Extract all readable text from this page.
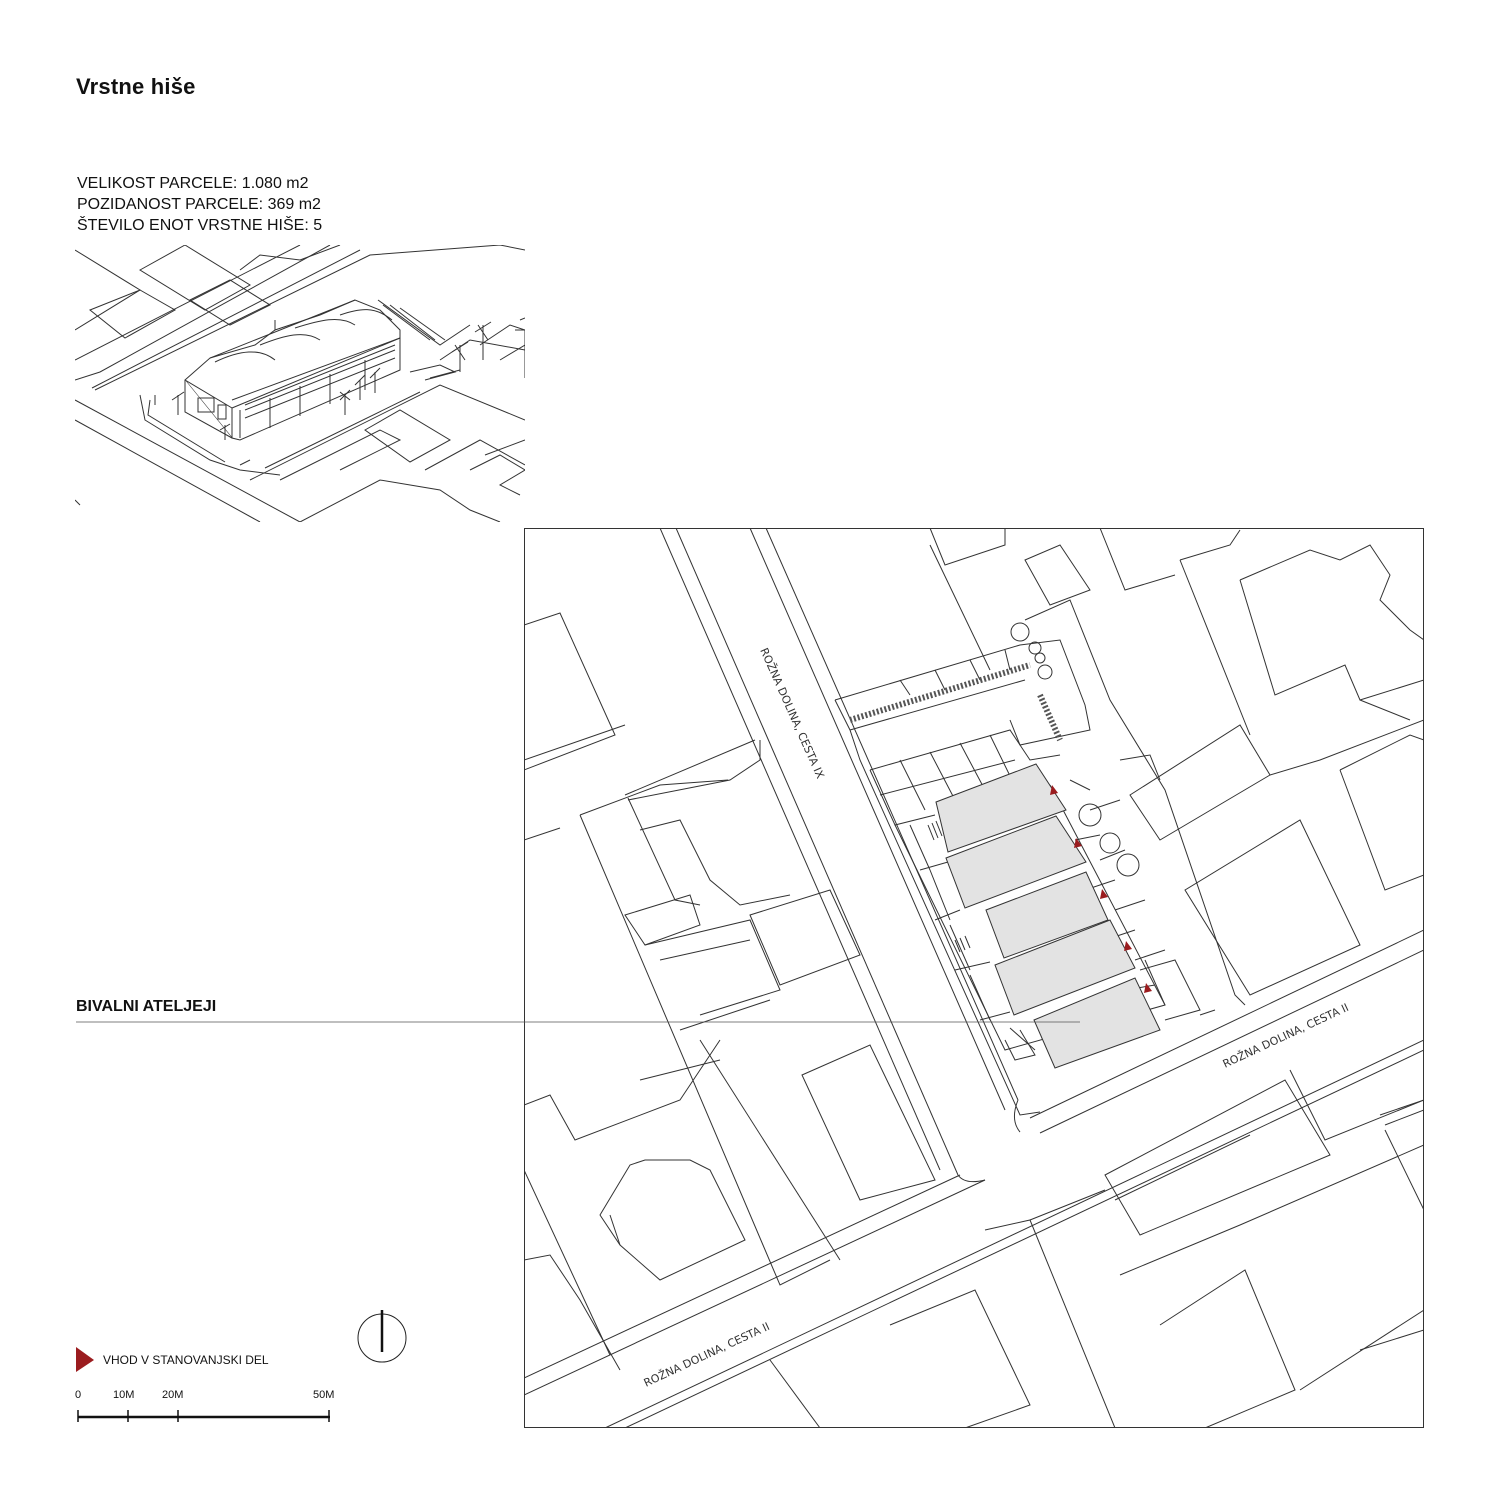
Vrstne hiše
VELIKOST PARCELE: 1.080 m2
POZIDANOST PARCELE: 369 m2
ŠTEVILO ENOT VRSTNE HIŠE: 5
BIVALNI ATELJEJI
VHOD V STANOVANJSKI DEL
0	10M	20M	50M
ROŽNA DOLINA, CESTA IX
ROŽNA DOLINA, CESTA II
ROŽNA DOLINA, CESTA II
